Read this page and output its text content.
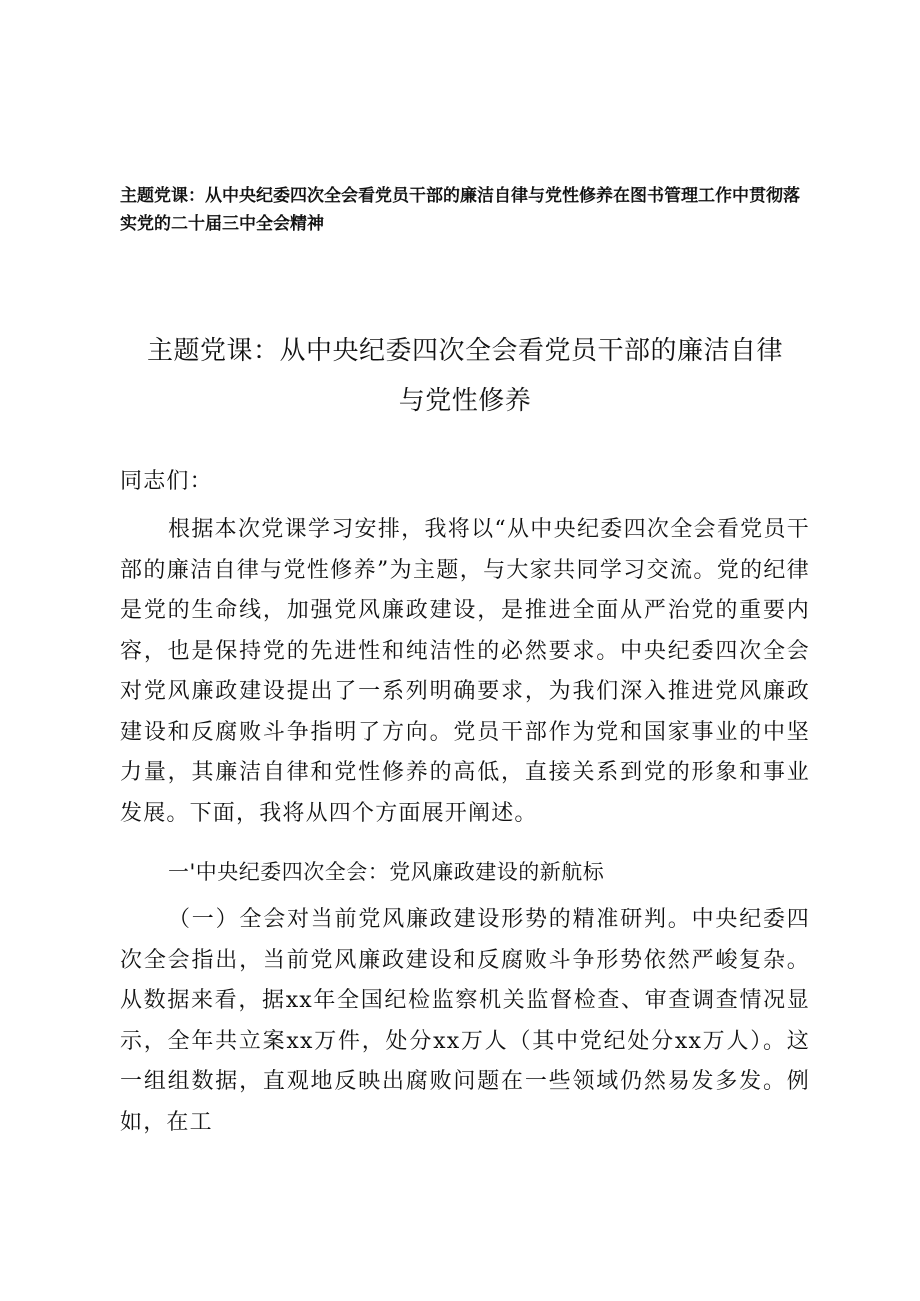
主题党课：从中央纪委四次全会看党员干部的廉洁自律与党性修养在图书管理工作中贯彻落实党的二十届三中全会精神
主题党课：从中央纪委四次全会看党员干部的廉洁自律
与党性修养
同志们：
根据本次党课学习安排，我将以“从中央纪委四次全会看党员干部的廉洁自律与党性修养”为主题，与大家共同学习交流。党的纪律是党的生命线，加强党风廉政建设，是推进全面从严治党的重要内容，也是保持党的先进性和纯洁性的必然要求。中央纪委四次全会对党风廉政建设提出了一系列明确要求，为我们深入推进党风廉政建设和反腐败斗争指明了方向。党员干部作为党和国家事业的中坚力量，其廉洁自律和党性修养的高低，直接关系到党的形象和事业发展。下面，我将从四个方面展开阐述。
一'中央纪委四次全会：党风廉政建设的新航标
（一）全会对当前党风廉政建设形势的精准研判。中央纪委四次全会指出，当前党风廉政建设和反腐败斗争形势依然严峻复杂。从数据来看，据xx年全国纪检监察机关监督检查、审查调查情况显示，全年共立案xx万件，处分xx万人（其中党纪处分xx万人）。这一组组数据，直观地反映出腐败问题在一些领域仍然易发多发。例如，在工
